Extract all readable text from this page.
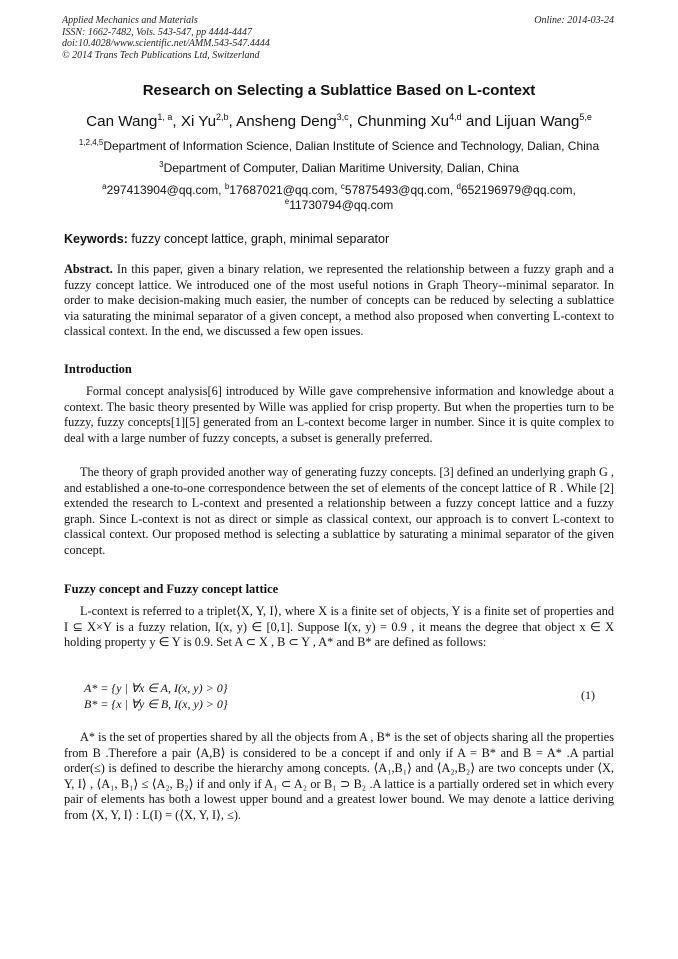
Applied Mechanics and Materials
ISSN: 1662-7482, Vols. 543-547, pp 4444-4447
doi:10.4028/www.scientific.net/AMM.543-547.4444
© 2014 Trans Tech Publications Ltd, Switzerland
Online: 2014-03-24
Research on Selecting a Sublattice Based on L-context
Can Wang$^{1, a}$, Xi Yu$^{2,b}$, Ansheng Deng$^{3,c}$, Chunming Xu$^{4,d}$ and Lijuan Wang$^{5,e}$
$^{1,2,4,5}$Department of Information Science, Dalian Institute of Science and Technology, Dalian, China
$^3$Department of Computer, Dalian Maritime University, Dalian, China
$^a$297413904@qq.com, $^b$17687021@qq.com, $^c$57875493@qq.com, $^d$652196979@qq.com,
$^e$11730794@qq.com
Keywords: fuzzy concept lattice, graph, minimal separator
Abstract. In this paper, given a binary relation, we represented the relationship between a fuzzy graph and a fuzzy concept lattice. We introduced one of the most useful notions in Graph Theory--minimal separator. In order to make decision-making much easier, the number of concepts can be reduced by selecting a sublattice via saturating the minimal separator of a given concept, a method also proposed when converting L-context to classical context. In the end, we discussed a few open issues.
Introduction
Formal concept analysis[6] introduced by Wille gave comprehensive information and knowledge about a context. The basic theory presented by Wille was applied for crisp property. But when the properties turn to be fuzzy, fuzzy concepts[1][5] generated from an L-context become larger in number. Since it is quite complex to deal with a large number of fuzzy concepts, a subset is generally preferred.
The theory of graph provided another way of generating fuzzy concepts. [3] defined an underlying graph G , and established a one-to-one correspondence between the set of elements of the concept lattice of R . While [2] extended the research to L-context and presented a relationship between a fuzzy concept lattice and a fuzzy graph. Since L-context is not as direct or simple as classical context, our approach is to convert L-context to classical context. Our proposed method is selecting a sublattice by saturating a minimal separator of the given concept.
Fuzzy concept and Fuzzy concept lattice
L-context is referred to a triplet⟨X, Y, I⟩, where X is a finite set of objects, Y is a finite set of properties and I ⊆ X×Y is a fuzzy relation, I(x, y) ∈ [0,1]. Suppose I(x, y) = 0.9 , it means the degree that object x ∈ X holding property y ∈ Y is 0.9. Set A ⊂ X , B ⊂ Y , A* and B* are defined as follows:
A* = {y | ∀x ∈ A, I(x, y) > 0}
B* = {x | ∀y ∈ B, I(x, y) > 0}
(1)
A* is the set of properties shared by all the objects from A , B* is the set of objects sharing all the properties from B .Therefore a pair ⟨A,B⟩ is considered to be a concept if and only if A = B* and B = A* .A partial order(≤) is defined to describe the hierarchy among concepts. ⟨A₁,B₁⟩ and ⟨A₂,B₂⟩ are two concepts under ⟨X, Y, I⟩ , ⟨A₁, B₁⟩ ≤ ⟨A₂, B₂⟩ if and only if A₁ ⊂ A₂ or B₁ ⊃ B₂ .A lattice is a partially ordered set in which every pair of elements has both a lowest upper bound and a greatest lower bound. We may denote a lattice deriving from ⟨X, Y, I⟩ : L(I) = (⟨X, Y, I⟩, ≤).
